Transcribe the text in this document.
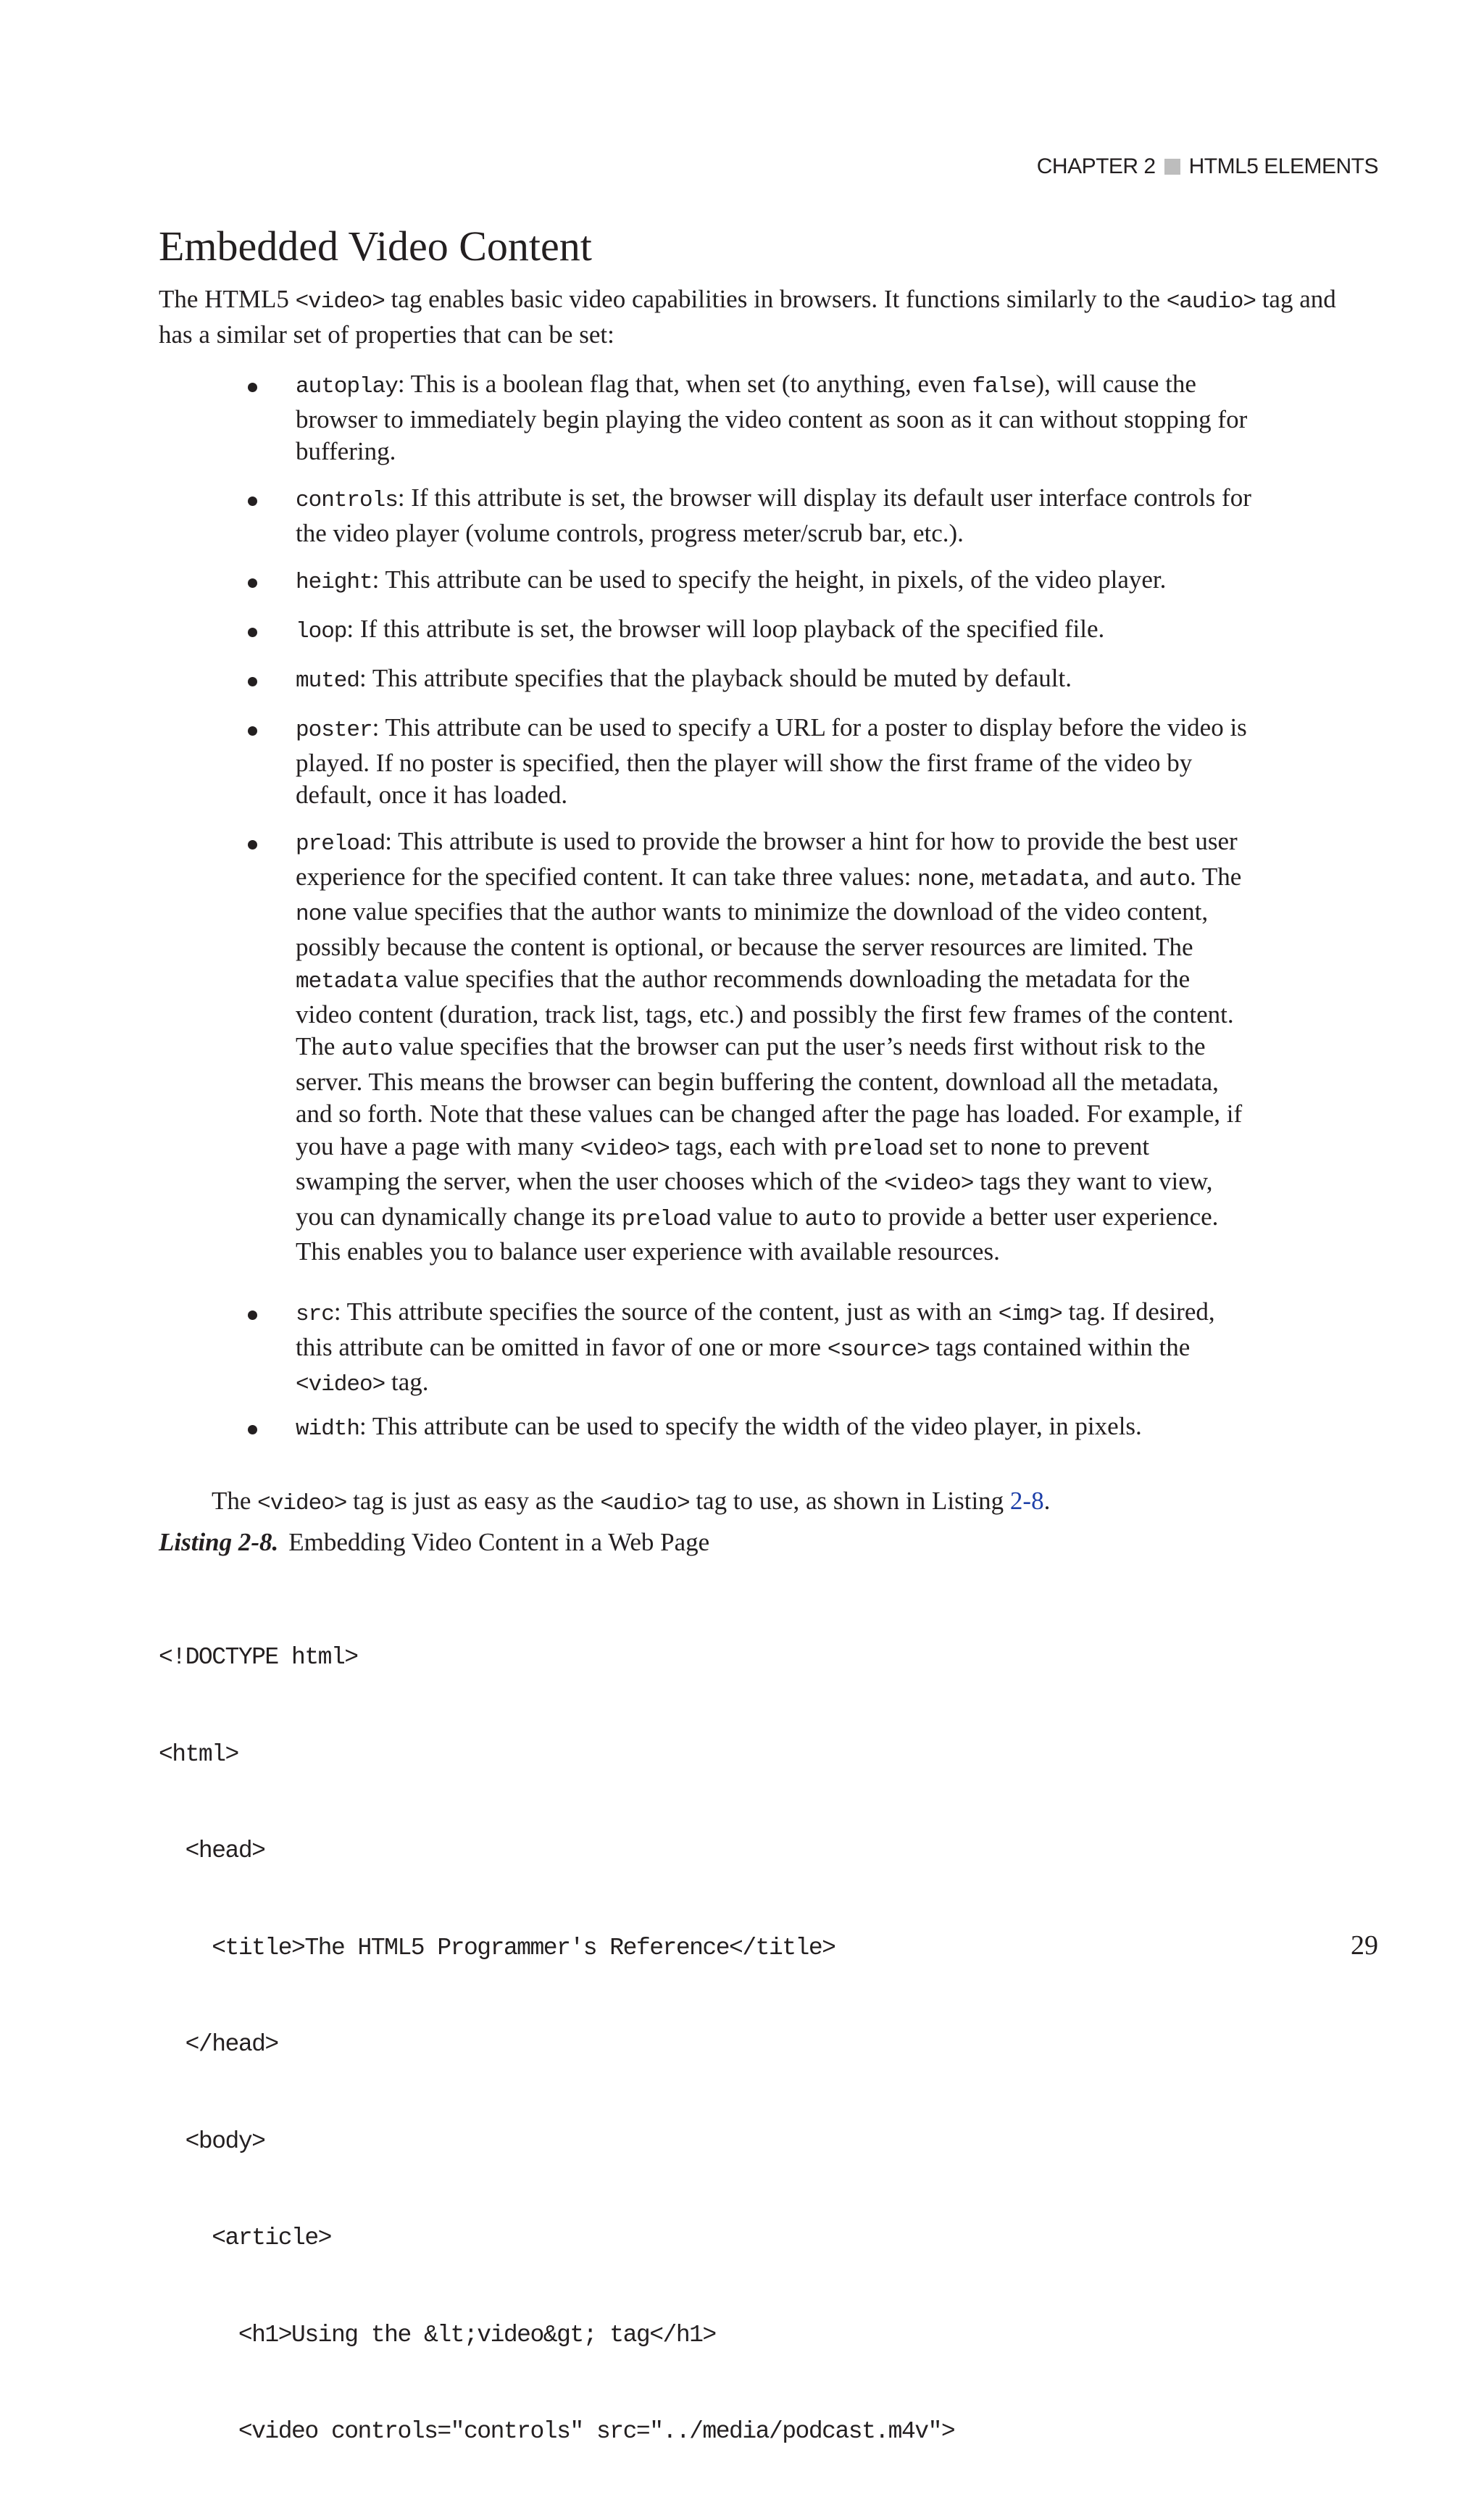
CHAPTER 2 HTML5 ELEMENTS
Embedded Video Content

The HTML5 <video> tag enables basic video capabilities in browsers. It functions similarly to the <audio> tag and has a similar set of properties that can be set:

autoplay: This is a boolean flag that, when set (to anything, even false), will cause the browser to immediately begin playing the video content as soon as it can without stopping for buffering.
controls: If this attribute is set, the browser will display its default user interface controls for the video player (volume controls, progress meter/scrub bar, etc.).
height: This attribute can be used to specify the height, in pixels, of the video player.
loop: If this attribute is set, the browser will loop playback of the specified file.
muted: This attribute specifies that the playback should be muted by default.
poster: This attribute can be used to specify a URL for a poster to display before the video is played. If no poster is specified, then the player will show the first frame of the video by default, once it has loaded.
preload: This attribute is used to provide the browser a hint for how to provide the best user experience for the specified content. It can take three values: none, metadata, and auto. The none value specifies that the author wants to minimize the download of the video content, possibly because the content is optional, or because the server resources are limited. The metadata value specifies that the author recommends downloading the metadata for the video content (duration, track list, tags, etc.) and possibly the first few frames of the content. The auto value specifies that the browser can put the user’s needs first without risk to the server. This means the browser can begin buffering the content, download all the metadata, and so forth. Note that these values can be changed after the page has loaded. For example, if you have a page with many <video> tags, each with preload set to none to prevent swamping the server, when the user chooses which of the <video> tags they want to view, you can dynamically change its preload value to auto to provide a better user experience. This enables you to balance user experience with available resources.
src: This attribute specifies the source of the content, just as with an <img> tag. If desired, this attribute can be omitted in favor of one or more <source> tags contained within the <video> tag.
width: This attribute can be used to specify the width of the video player, in pixels.

The <video> tag is just as easy as the <audio> tag to use, as shown in Listing 2-8.

Listing 2-8. Embedding Video Content in a Web Page

<!DOCTYPE html>

<html>

<head>

<title>The HTML5 Programmer's Reference</title>

</head>

<body>

<article>

<h1>Using the &lt;video&gt; tag</h1>

<video controls="controls" src="../media/podcast.m4v">

29
